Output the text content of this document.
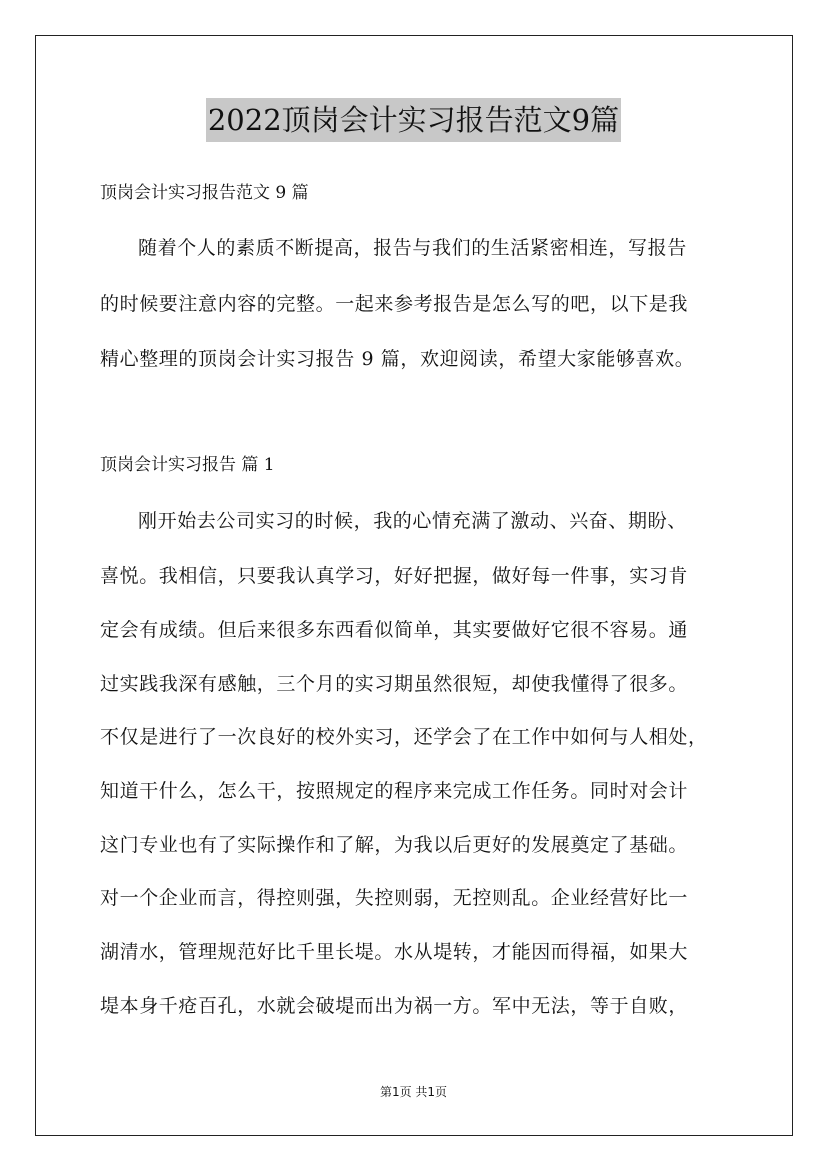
2022顶岗会计实习报告范文9篇
顶岗会计实习报告范文 9 篇
随着个人的素质不断提高，报告与我们的生活紧密相连，写报告
的时候要注意内容的完整。一起来参考报告是怎么写的吧，以下是我
精心整理的顶岗会计实习报告 9 篇，欢迎阅读，希望大家能够喜欢。
顶岗会计实习报告 篇 1
刚开始去公司实习的时候，我的心情充满了激动、兴奋、期盼、
喜悦。我相信，只要我认真学习，好好把握，做好每一件事，实习肯
定会有成绩。但后来很多东西看似简单，其实要做好它很不容易。通
过实践我深有感触，三个月的实习期虽然很短，却使我懂得了很多。
不仅是进行了一次良好的校外实习，还学会了在工作中如何与人相处，
知道干什么，怎么干，按照规定的程序来完成工作任务。同时对会计
这门专业也有了实际操作和了解，为我以后更好的发展奠定了基础。
对一个企业而言，得控则强，失控则弱，无控则乱。企业经营好比一
湖清水，管理规范好比千里长堤。水从堤转，才能因而得福，如果大
堤本身千疮百孔，水就会破堤而出为祸一方。军中无法，等于自败，
第1页 共1页
